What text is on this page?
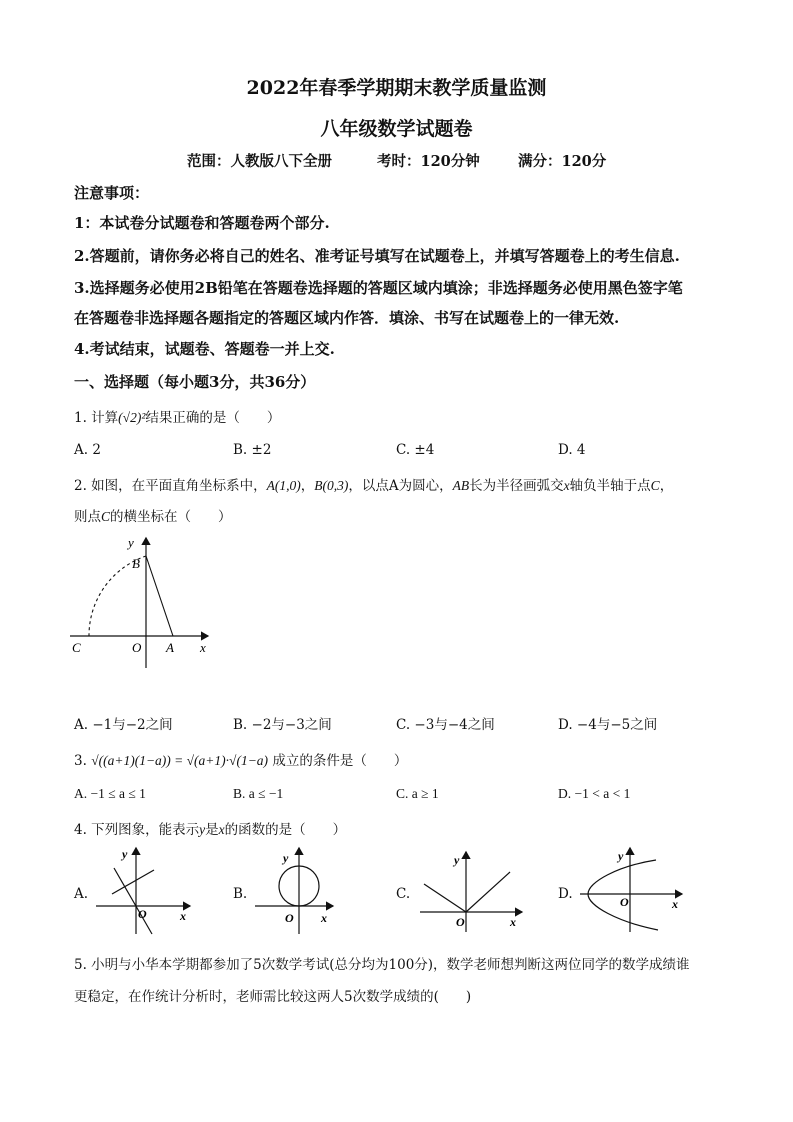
2022年春季学期期末教学质量监测
八年级数学试题卷
范围：人教版八下全册	考时：120分钟	满分：120分
注意事项：
1：本试卷分试题卷和答题卷两个部分.
2.答题前，请你务必将自己的姓名、准考证号填写在试题卷上，并填写答题卷上的考生信息.
3.选择题务必使用2B铅笔在答题卷选择题的答题区域内填涂；非选择题务必使用黑色签字笔
在答题卷非选择题各题指定的答题区域内作答．填涂、书写在试题卷上的一律无效.
4.考试结束，试题卷、答题卷一并上交.
一、选择题（每小题3分，共36分）
1. 计算(√2)²结果正确的是（　　）
A. 2	B. ±2	C. ±4	D. 4
2. 如图，在平面直角坐标系中，A(1,0)，B(0,3)，以点A为圆心，AB长为半径画弧交x轴负半轴于点C，
则点C的横坐标在（　　）
y
B
C	O A x
A. −1与−2之间	B. −2与−3之间	C. −3与−4之间	D. −4与−5之间
3. √((a+1)(1−a)) = √(a+1)·√(1−a) 成立的条件是（　　）
A. −1 ≤ a ≤ 1	B. a ≤ −1	C. a ≥ 1	D. −1 < a < 1
4. 下列图象，能表示y是x的函数的是（　　）
A.	B.	C.	D.
y
O	x
y
O x
y
O	x
y
O	x
5. 小明与小华本学期都参加了5次数学考试(总分均为100分)，数学老师想判断这两位同学的数学成绩谁
更稳定，在作统计分析时，老师需比较这两人5次数学成绩的(　　)
